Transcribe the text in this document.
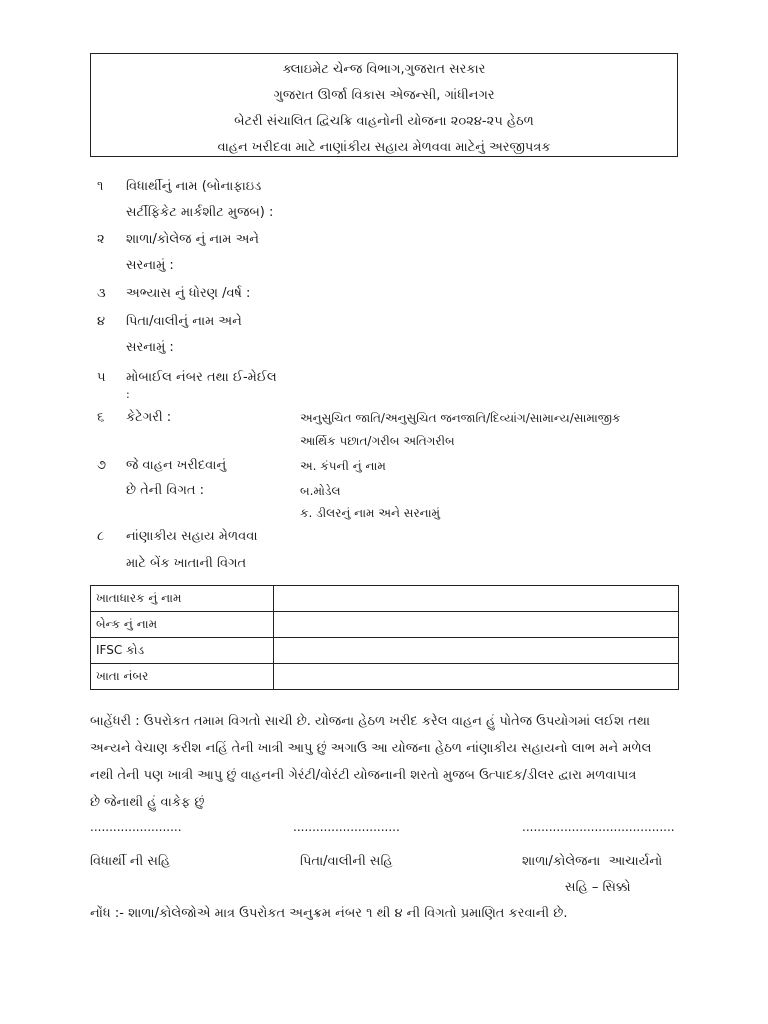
ક્લાઇમેટ ચેન્જ વિભાગ,ગુજરાત સરકાર
ગુજરાત ઊર્જા વિકાસ એજન્સી, ગાંધીનગર
બેટરી સંચાલિત દ્વિચક્રિ વાહનોની યોજના ૨૦૨૪-૨૫ હેઠળ
વાહન ખરીદવા માટે નાણાંકીય સહાય મેળવવા માટેનું અરજીપત્રક
૧	વિધાર્થીનું નામ (બોનાફાઇડ
સર્ટીફિકેટ માર્કશીટ મુજબ) :
૨	શાળા/કોલેજ નું નામ અને
સરનામું :
૩	અભ્યાસ નું ધોરણ /વર્ષ :
૪	પિતા/વાલીનું નામ અને
સરનામું :
૫	મોબાઈલ નંબર તથા ઈ-મેઈલ
:
૬	કેટેગરી :	અનુસુચિત જાતિ/અનુસુચિત જનજાતિ/દિવ્યાંગ/સામાન્ય/સામાજીક
આર્થિક પછાત/ગરીબ અતિગરીબ
૭	જે વાહન ખરીદવાનું	અ. કંપની નું નામ
છે તેની વિગત :	બ.મોડેલ
ક. ડીલરનું નામ અને સરનામું
૮	નાંણાકીય સહાય મેળવવા
માટે બેંક ખાતાની વિગત
ખાતાધારક નું નામ	
બેન્ક નું નામ	
IFSC કોડ	
ખાતા નંબર	
બાહેંધરી : ઉપરોકત તમામ વિગતો સાચી છે. યોજના હેઠળ ખરીદ કરેલ વાહન હું પોતેજ ઉપયોગમાં લઈશ તથા
અન્યને વેચાણ કરીશ નહિં તેની ખાત્રી આપુ છું અગાઉ આ યોજના હેઠળ નાંણાકીય સહાયનો લાભ મને મળેલ
નથી તેની પણ ખાત્રી આપુ છું વાહનની ગેરંટી/વોરંટી યોજનાની શરતો મુજબ ઉત્પાદક/ડીલર દ્વારા મળવાપાત્ર
છે જેનાથી હું વાકેફ છું
........................	............................	........................................
વિધાર્થી ની સહિ	પિતા/વાલીની સહિ	શાળા/કોલેજના  આચાર્યનો
સહિ – સિક્કો
નોંધ :- શાળા/કોલેજોએ માત્ર ઉપરોકત અનુક્રમ નંબર ૧ થી ૪ ની વિગતો પ્રમાણિત કરવાની છે.
